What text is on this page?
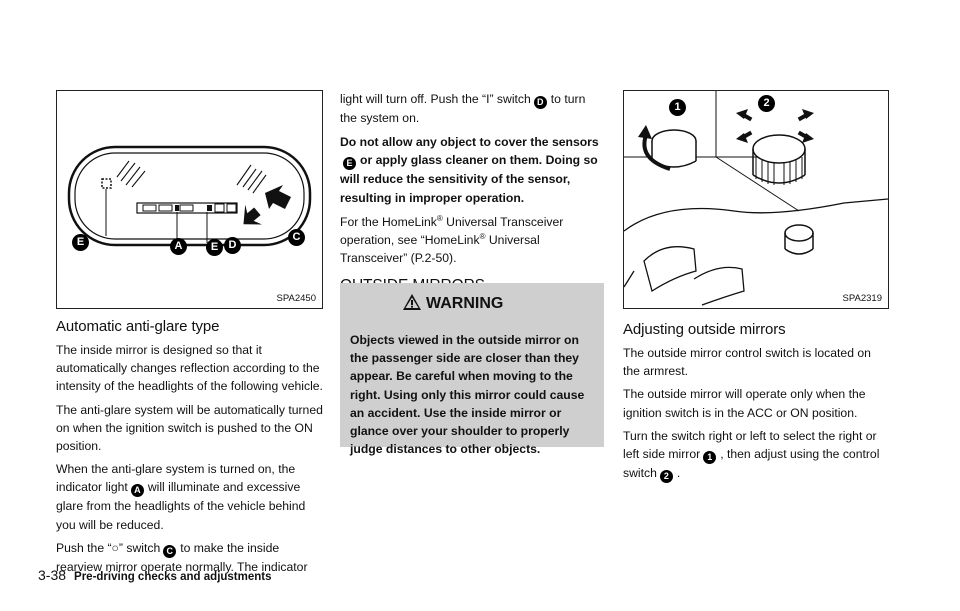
E	A	E D
C
SPA2450
Automatic anti-glare type

The inside mirror is designed so that it automatically changes reflection according to the intensity of the headlights of the following vehicle.

The anti-glare system will be automatically turned on when the ignition switch is pushed to the ON position.

When the anti-glare system is turned on, the indicator light A will illuminate and excessive glare from the headlights of the vehicle behind you will be reduced.

Push the “○” switch C to make the inside rearview mirror operate normally. The indicator

light will turn off. Push the “I” switch D to turn the system on.

Do not allow any object to cover the sensorsE or apply glass cleaner on them. Doing so will reduce the sensitivity of the sensor, resulting in improper operation.

For the HomeLink® Universal Transceiver operation, see “HomeLink® Universal Transceiver” (P.2-50).

WARNING
Objects viewed in the outside mirror on the passenger side are closer than they appear. Be careful when moving to the right. Using only this mirror could cause an accident. Use the inside mirror or glance over your shoulder to properly judge distances to other objects.
1	2
SPA2319
Adjusting outside mirrors

The outside mirror control switch is located on the armrest.

The outside mirror will operate only when the ignition switch is in the ACC or ON position.

Turn the switch right or left to select the right or left side mirror 1 , then adjust using the control switch 2 .

3-38 Pre-driving checks and adjustments
